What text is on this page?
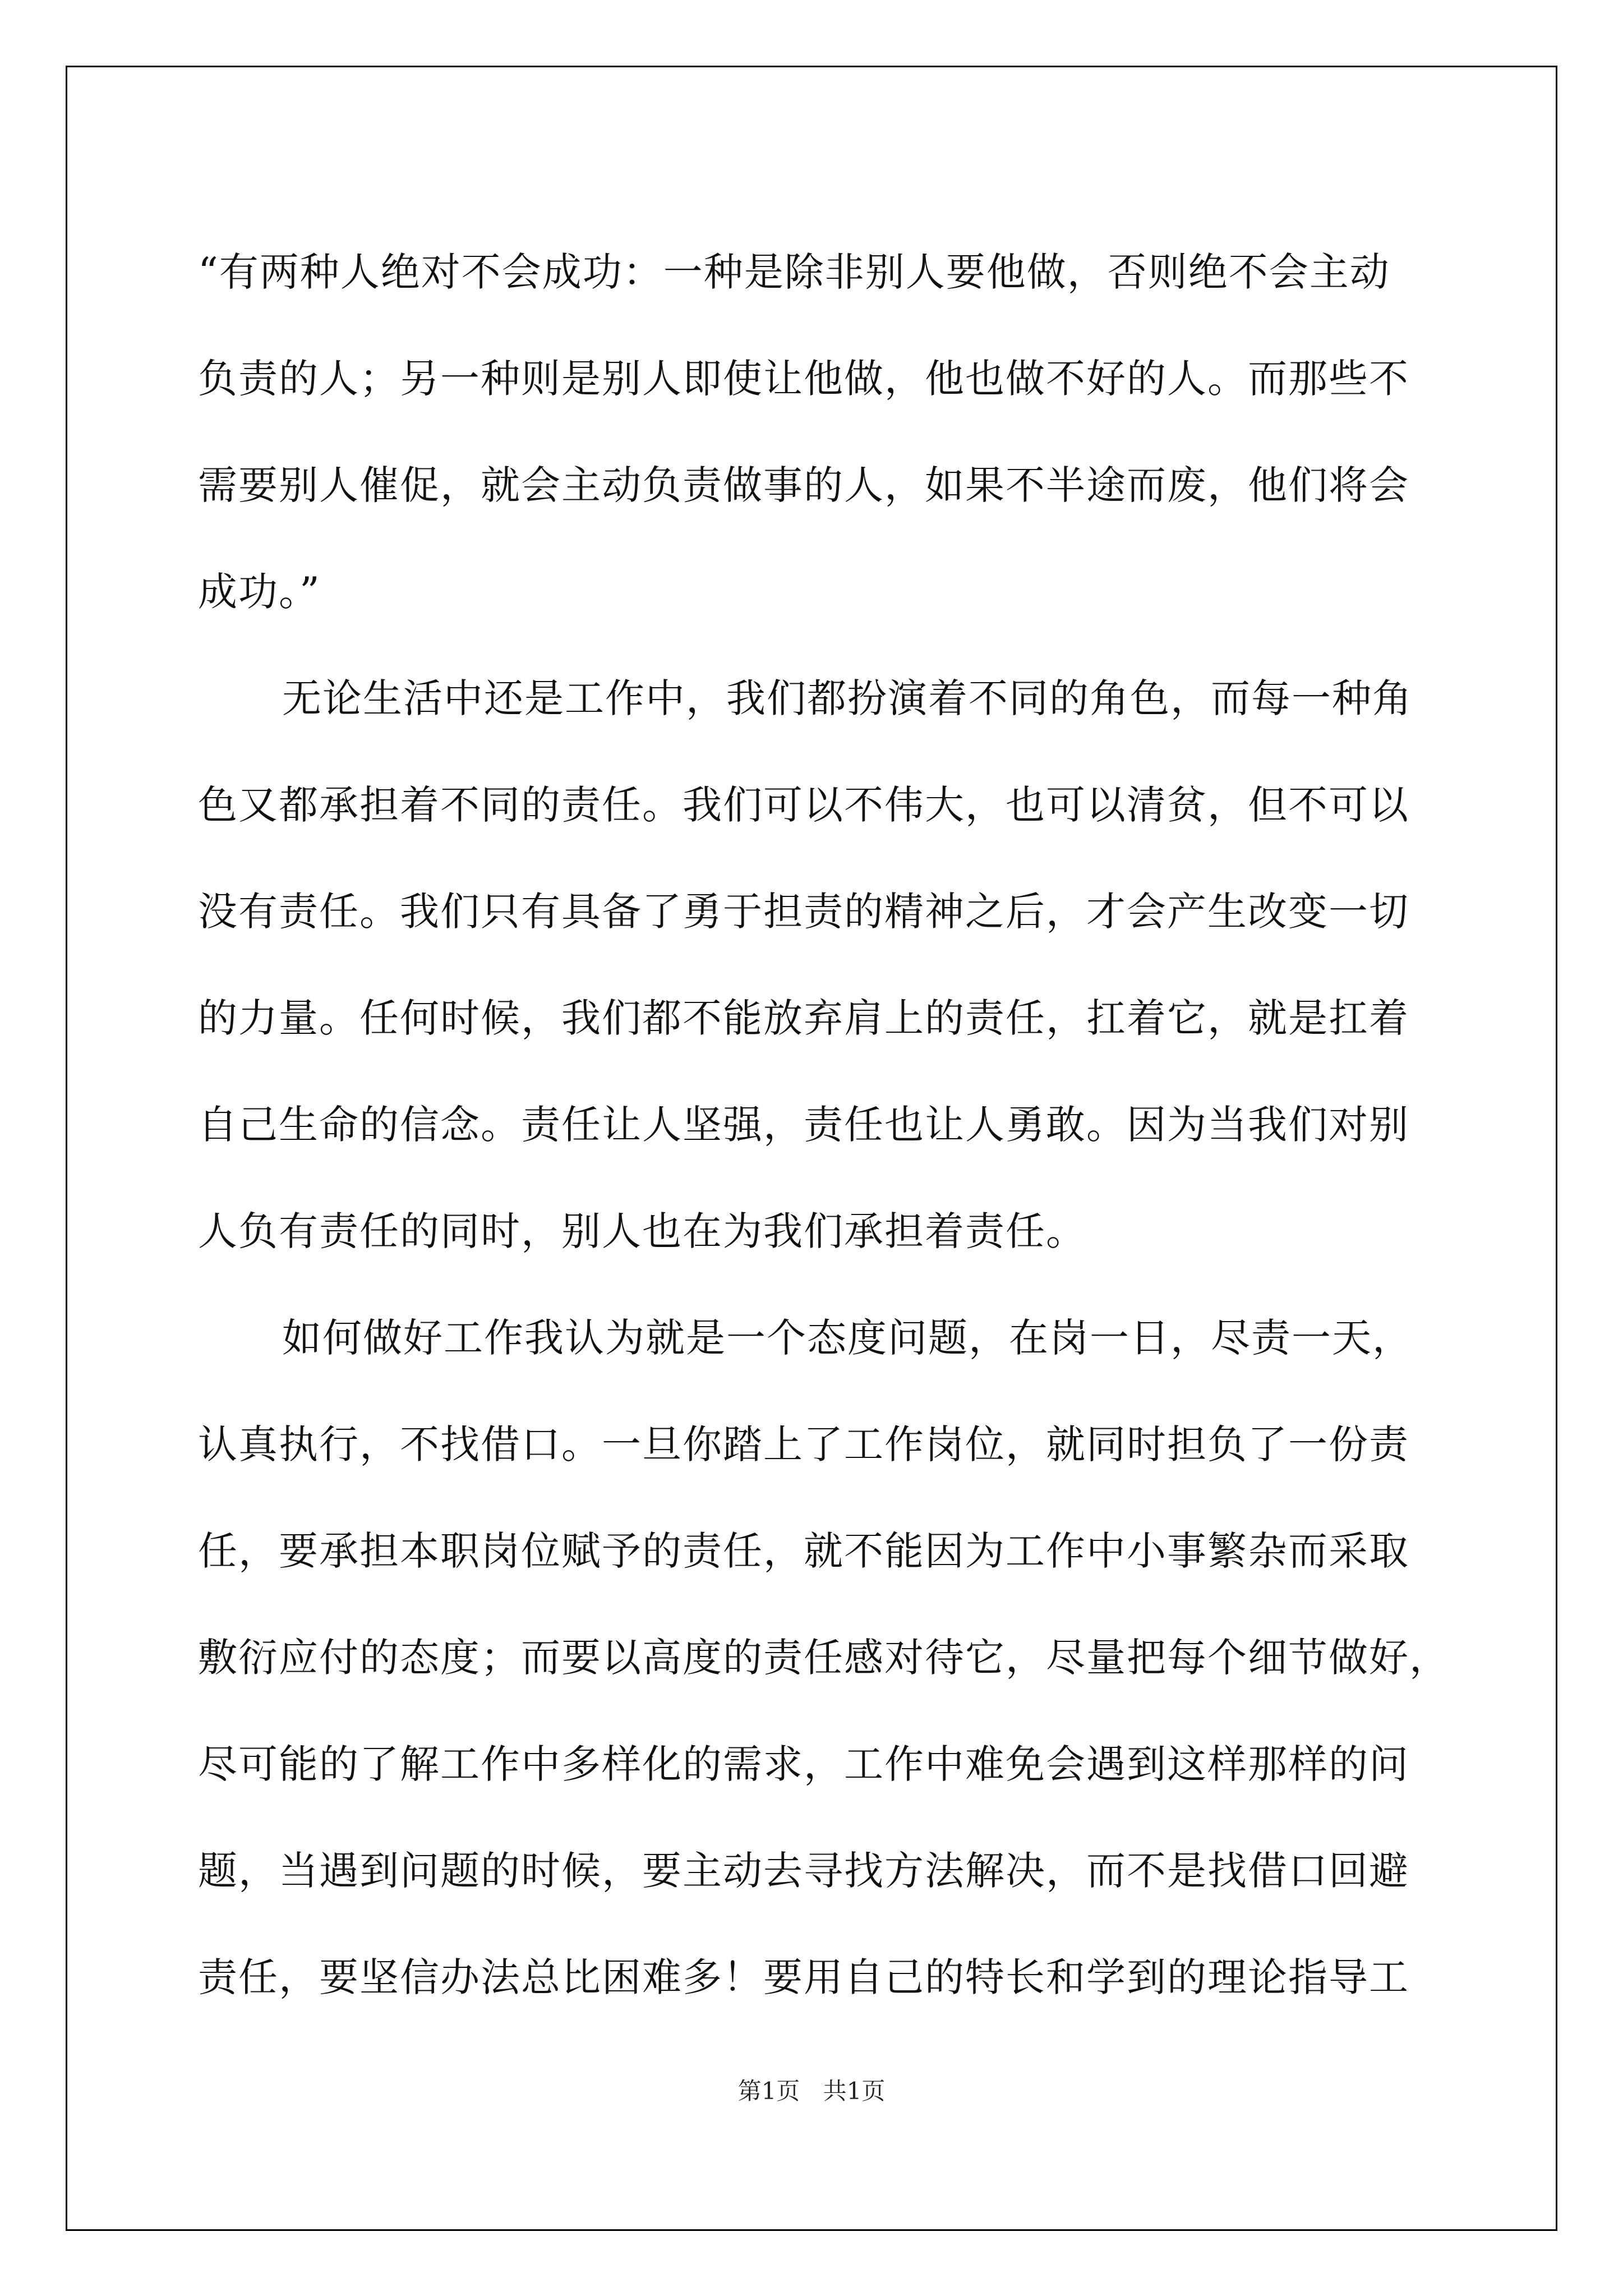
“有两种人绝对不会成功：一种是除非别人要他做，否则绝不会主动
负责的人；另一种则是别人即使让他做，他也做不好的人。而那些不
需要别人催促，就会主动负责做事的人，如果不半途而废，他们将会
成功。”

无论生活中还是工作中，我们都扮演着不同的角色，而每一种角
色又都承担着不同的责任。我们可以不伟大，也可以清贫，但不可以
没有责任。我们只有具备了勇于担责的精神之后，才会产生改变一切
的力量。任何时候，我们都不能放弃肩上的责任，扛着它，就是扛着
自己生命的信念。责任让人坚强，责任也让人勇敢。因为当我们对别
人负有责任的同时，别人也在为我们承担着责任。

如何做好工作我认为就是一个态度问题，在岗一日，尽责一天，
认真执行，不找借口。一旦你踏上了工作岗位，就同时担负了一份责
任，要承担本职岗位赋予的责任，就不能因为工作中小事繁杂而采取
敷衍应付的态度；而要以高度的责任感对待它，尽量把每个细节做好，
尽可能的了解工作中多样化的需求，工作中难免会遇到这样那样的问
题，当遇到问题的时候，要主动去寻找方法解决，而不是找借口回避
责任，要坚信办法总比困难多！要用自己的特长和学到的理论指导工

第1页 共1页
